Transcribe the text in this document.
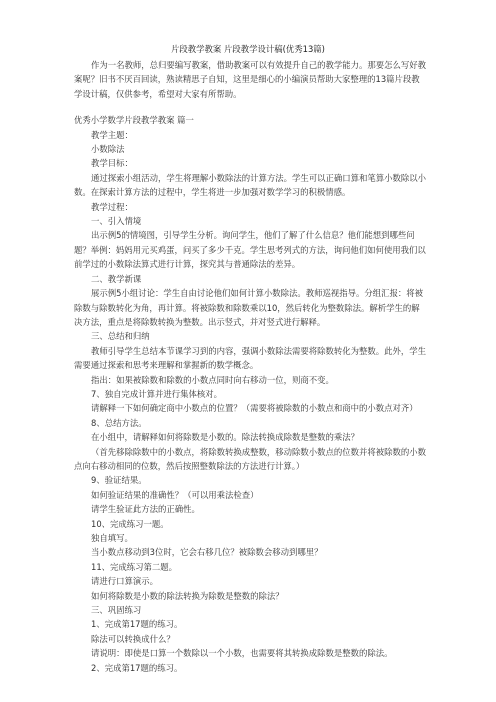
片段教学教案 片段教学设计稿(优秀13篇)

作为一名教师，总归要编写教案，借助教案可以有效提升自己的教学能力。那要怎么写好教案呢？旧书不厌百回读，熟读精思子自知，这里是细心的小编演员帮助大家整理的13篇片段教学设计稿，仅供参考，希望对大家有所帮助。

优秀小学数学片段教学教案 篇一

教学主题：

小数除法

教学目标：

通过探索小组活动，学生将理解小数除法的计算方法。学生可以正确口算和笔算小数除以小数。在探索计算方法的过程中，学生将进一步加强对数学学习的积极情感。

教学过程：

一、引入情境

出示例5的情境图，引导学生分析。询问学生，他们了解了什么信息？他们能想到哪些问题？举例：妈妈用元买鸡蛋，问买了多少千克。学生思考列式的方法，询问他们如何使用我们以前学过的小数除法算式进行计算，探究其与普通除法的差异。

二、教学新课

展示例5小组讨论：学生自由讨论他们如何计算小数除法。教师巡视指导。分组汇报：将被除数与除数转化为角，再计算。将被除数和除数乘以10，然后转化为整数除法。解析学生的解决方法，重点是将除数转换为整数。出示竖式，并对竖式进行解释。

三、总结和归纳

教师引导学生总结本节课学习到的内容，强调小数除法需要将除数转化为整数。此外，学生需要通过探索和思考来理解和掌握新的数学概念。

指出：如果被除数和除数的小数点同时向右移动一位，则商不变。

7、独自完成计算并进行集体核对。

请解释一下如何确定商中小数点的位置？（需要将被除数的小数点和商中的小数点对齐）

8、总结方法。

在小组中，请解释如何将除数是小数的。除法转换成除数是整数的乘法？

（首先移除除数中的小数点，将除数转换成整数，移动除数小数点的位数并将被除数的小数点向右移动相同的位数，然后按照整数除法的方法进行计算。）

9、验证结果。

如何验证结果的准确性？（可以用乘法检查）

请学生验证此方法的正确性。

10、完成练习一题。

独自填写。

当小数点移动到3位时，它会右移几位？被除数会移动到哪里？

11、完成练习第二题。

请进行口算演示。

如何将除数是小数的除法转换为除数是整数的除法？

三、巩固练习

1、完成第17题的练习。

除法可以转换成什么？

请说明：即使是口算一个数除以一个小数，也需要将其转换成除数是整数的除法。

2、完成第17题的练习。
